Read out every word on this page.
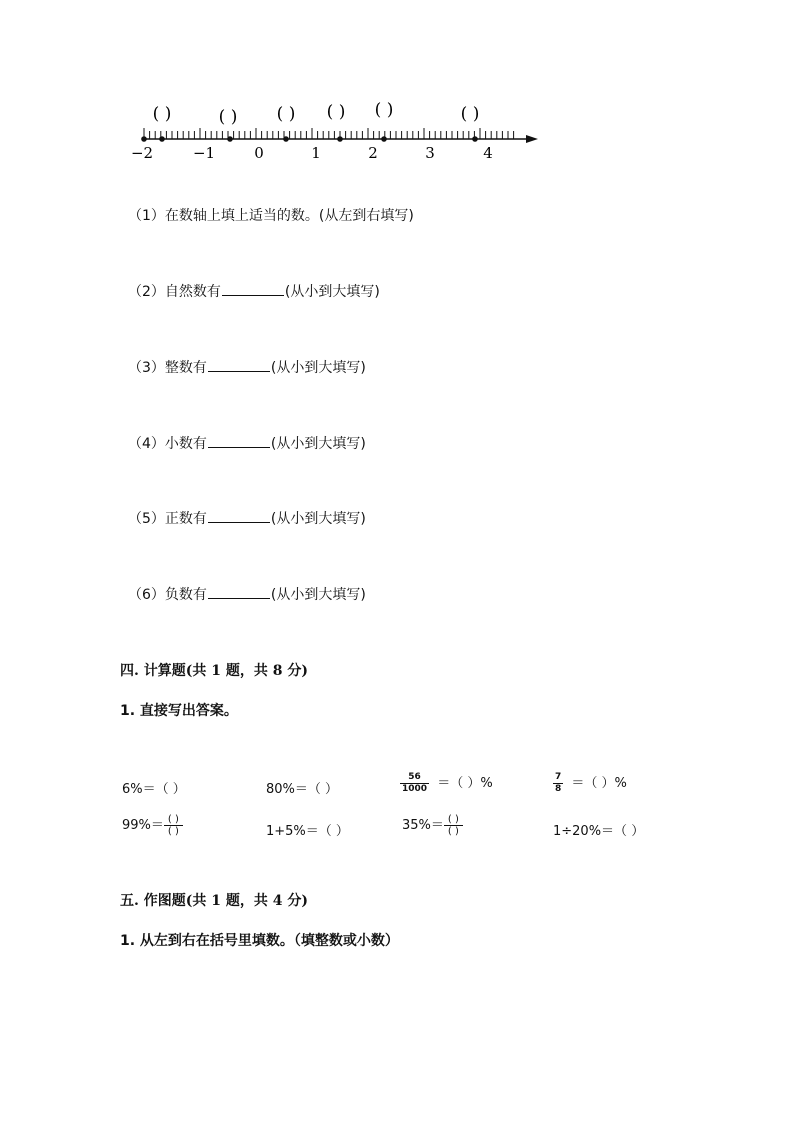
( )	( ) ( ) ( ) ( )	( )
−2	−1	0	1	2	3	4
（1）在数轴上填上适当的数。(从左到右填写)
（2）自然数有	(从小到大填写)
（3）整数有	(从小到大填写)
（4）小数有	(从小到大填写)
（5）正数有	(从小到大填写)
（6）负数有	(从小到大填写)
四. 计算题(共 1 题，共 8 分)
1. 直接写出答案。
6%＝（ ）	80%＝（ ）	$\frac{56}{1000}$ ＝（ ）%	$\frac{7}{8}$ ＝（ ）%
$99\%= \frac{( )}{( )}$	1+5%＝（ ）	$35\%= \frac{( )}{( )}$	1÷20%＝（ ）
五. 作图题(共 1 题，共 4 分)
1. 从左到右在括号里填数。（填整数或小数）
